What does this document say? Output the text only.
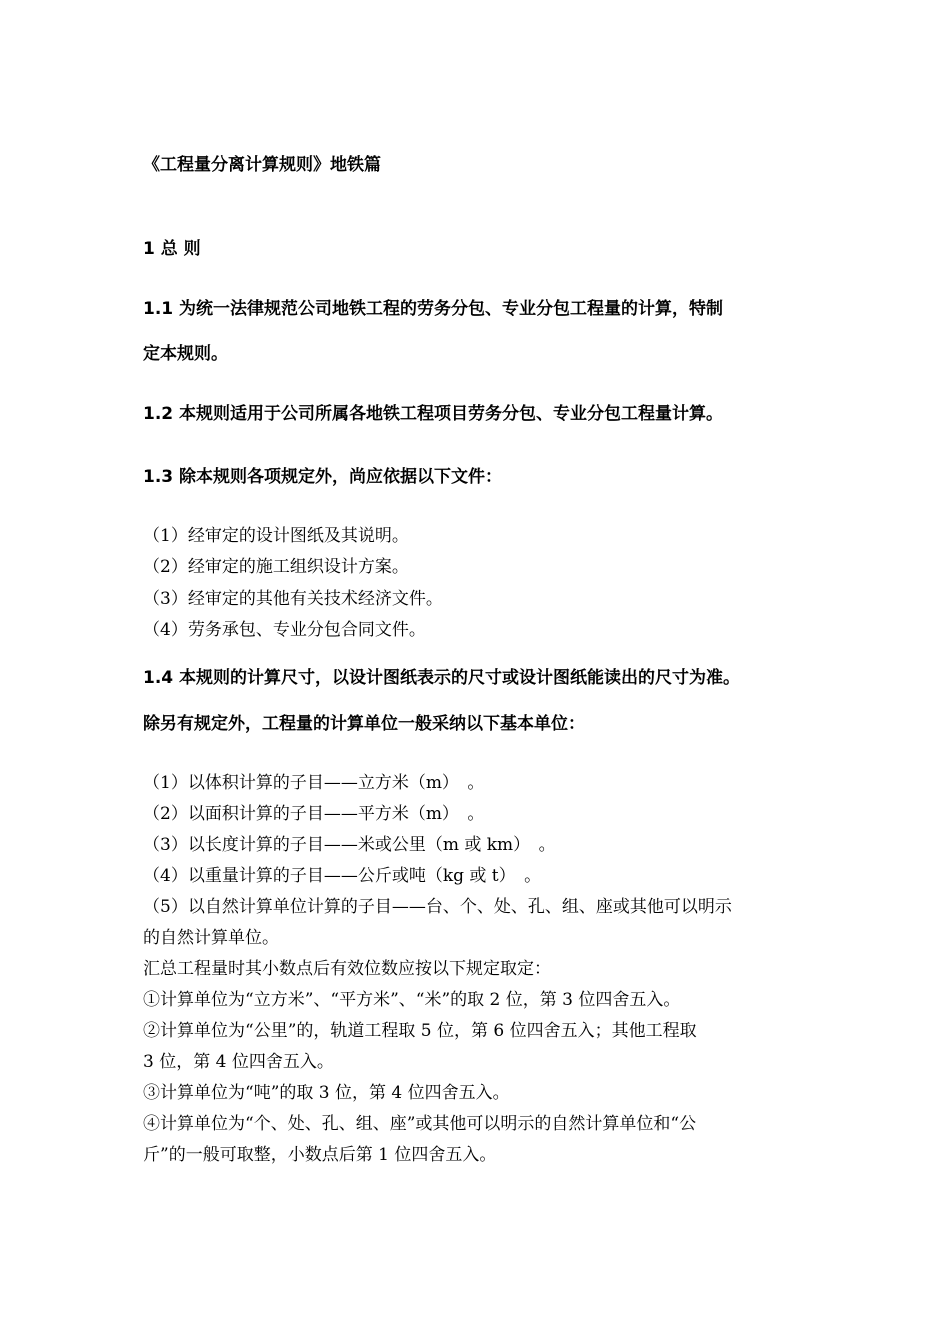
《工程量分离计算规则》地铁篇
1 总 则
1.1 为统一法律规范公司地铁工程的劳务分包、专业分包工程量的计算，特制
定本规则。
1.2 本规则适用于公司所属各地铁工程项目劳务分包、专业分包工程量计算。
1.3 除本规则各项规定外，尚应依据以下文件：
（1）经审定的设计图纸及其说明。
（2）经审定的施工组织设计方案。
（3）经审定的其他有关技术经济文件。
（4）劳务承包、专业分包合同文件。
1.4 本规则的计算尺寸，以设计图纸表示的尺寸或设计图纸能读出的尺寸为准。
除另有规定外，工程量的计算单位一般采纳以下基本单位：
（1）以体积计算的子目——立方米（m）　。
（2）以面积计算的子目——平方米（m）　。
（3）以长度计算的子目——米或公里（m 或 km）　。
（4）以重量计算的子目——公斤或吨（kg 或 t）　。
（5）以自然计算单位计算的子目——台、个、处、孔、组、座或其他可以明示
的自然计算单位。
汇总工程量时其小数点后有效位数应按以下规定取定：
①计算单位为“立方米”、“平方米”、“米”的取 2 位，第 3 位四舍五入。
②计算单位为“公里”的，轨道工程取 5 位，第 6 位四舍五入；其他工程取
3 位，第 4 位四舍五入。
③计算单位为“吨”的取 3 位，第 4 位四舍五入。
④计算单位为“个、处、孔、组、座”或其他可以明示的自然计算单位和“公
斤”的一般可取整，小数点后第 1 位四舍五入。
